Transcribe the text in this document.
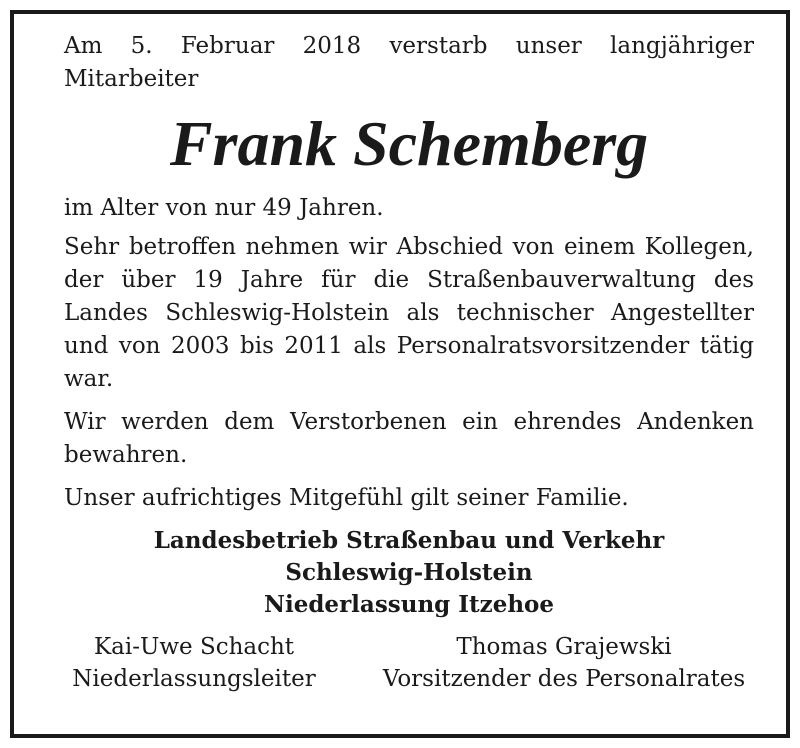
Am 5. Februar 2018 verstarb unser langjähriger Mitarbeiter

Frank Schemberg

im Alter von nur 49 Jahren.

Sehr betroffen nehmen wir Abschied von einem Kollegen, der über 19 Jahre für die Straßenbauverwaltung des Landes Schleswig-Holstein als technischer Angestellter und von 2003 bis 2011 als Personalratsvorsitzender tätig war.

Wir werden dem Verstorbenen ein ehrendes Andenken bewahren.

Unser aufrichtiges Mitgefühl gilt seiner Familie.

Landesbetrieb Straßenbau und Verkehr
Schleswig-Holstein
Niederlassung Itzehoe
Kai-Uwe Schacht
Niederlassungsleiter
Thomas Grajewski
Vorsitzender des Personalrates
